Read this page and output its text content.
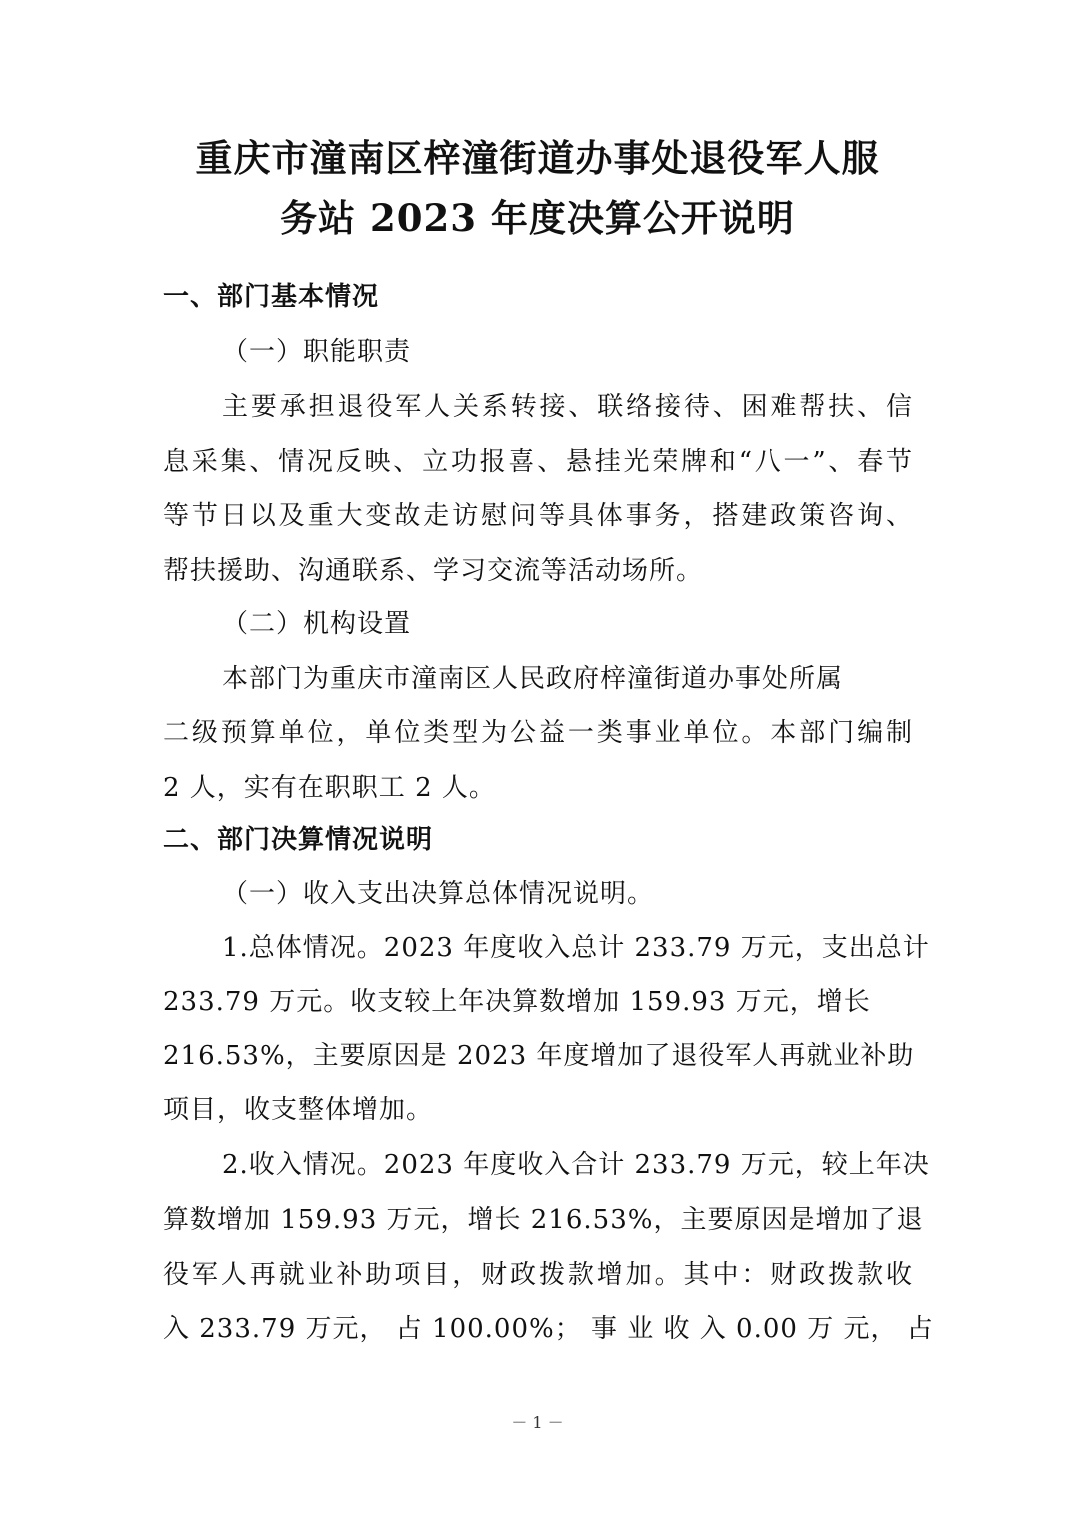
重庆市潼南区梓潼街道办事处退役军人服
务站 2023 年度决算公开说明
一、部门基本情况
（一）职能职责
主要承担退役军人关系转接、联络接待、困难帮扶、信
息采集、情况反映、立功报喜、悬挂光荣牌和“八一”、春节
等节日以及重大变故走访慰问等具体事务，搭建政策咨询、
帮扶援助、沟通联系、学习交流等活动场所。
（二）机构设置
本部门为重庆市潼南区人民政府梓潼街道办事处所属
二级预算单位，单位类型为公益一类事业单位。本部门编制
2 人，实有在职职工 2 人。
二、部门决算情况说明
（一）收入支出决算总体情况说明。
1.总体情况。2023 年度收入总计 233.79 万元，支出总计
233.79 万元。收支较上年决算数增加 159.93 万元，增长
216.53%，主要原因是 2023 年度增加了退役军人再就业补助
项目，收支整体增加。
2.收入情况。2023 年度收入合计 233.79 万元，较上年决
算数增加 159.93 万元，增长 216.53%，主要原因是增加了退
役军人再就业补助项目，财政拨款增加。其中：财政拨款收
入 233.79 万元， 占 100.00%； 事 业 收 入 0.00 万 元， 占
－ 1 －
